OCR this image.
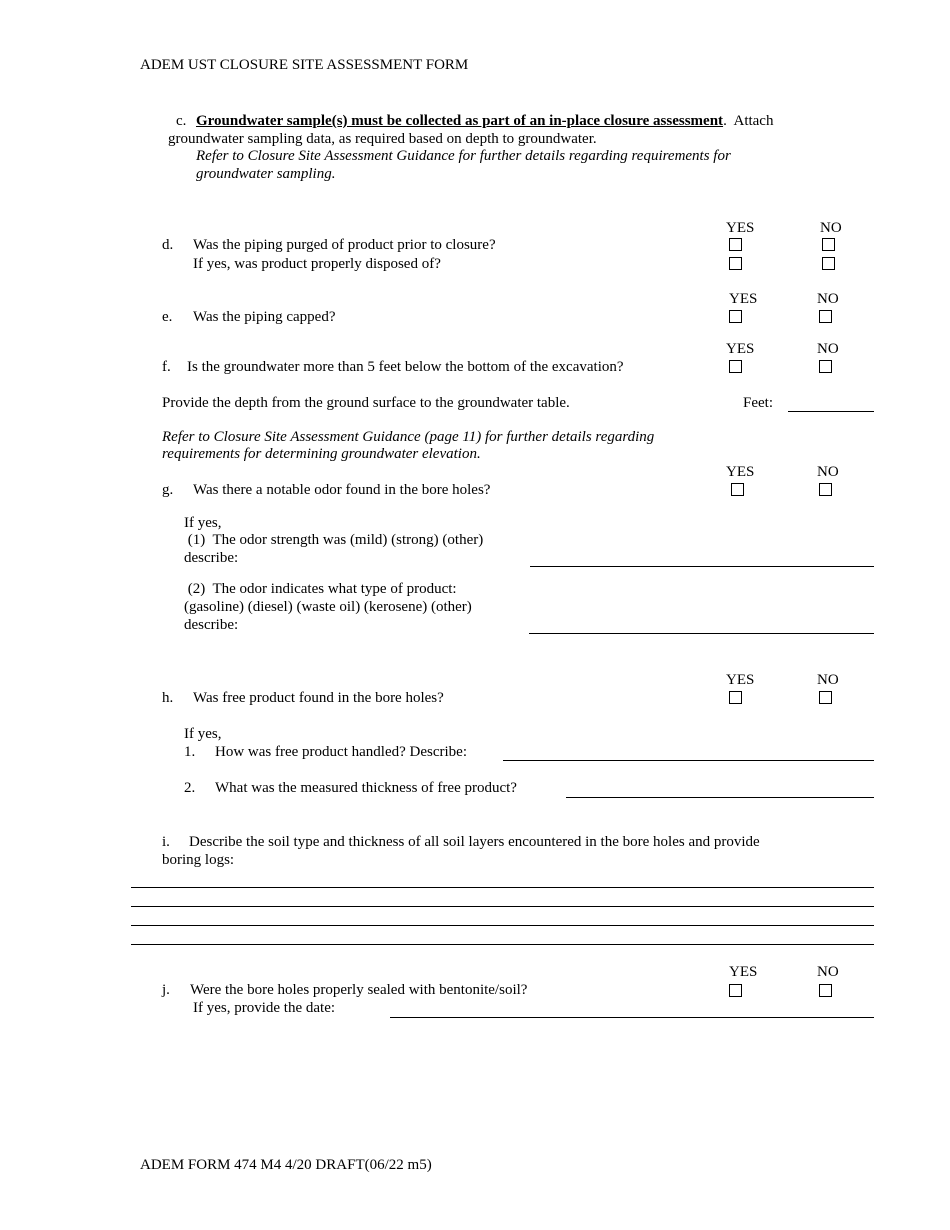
ADEM UST CLOSURE SITE ASSESSMENT FORM
c. Groundwater sample(s) must be collected as part of an in-place closure assessment.  Attach
groundwater sampling data, as required based on depth to groundwater.
Refer to Closure Site Assessment Guidance for further details regarding requirements for
groundwater sampling.
YES	NO
d. Was the piping purged of product prior to closure?
If yes, was product properly disposed of?
YES	NO
e. Was the piping capped?
YES	NO
f. Is the groundwater more than 5 feet below the bottom of the excavation?
Provide the depth from the ground surface to the groundwater table.	Feet:
Refer to Closure Site Assessment Guidance (page 11) for further details regarding
requirements for determining groundwater elevation.
YES	NO
g. Was there a notable odor found in the bore holes?
If yes,
(1)  The odor strength was (mild) (strong) (other)
describe:
(2)  The odor indicates what type of product:
(gasoline) (diesel) (waste oil) (kerosene) (other)
describe:
YES	NO
h. Was free product found in the bore holes?
If yes,
1. How was free product handled? Describe:
2. What was the measured thickness of free product?
i. Describe the soil type and thickness of all soil layers encountered in the bore holes and provide
boring logs:
YES	NO
j. Were the bore holes properly sealed with bentonite/soil?
If yes, provide the date:
ADEM FORM 474 M4 4/20 DRAFT(06/22 m5)
